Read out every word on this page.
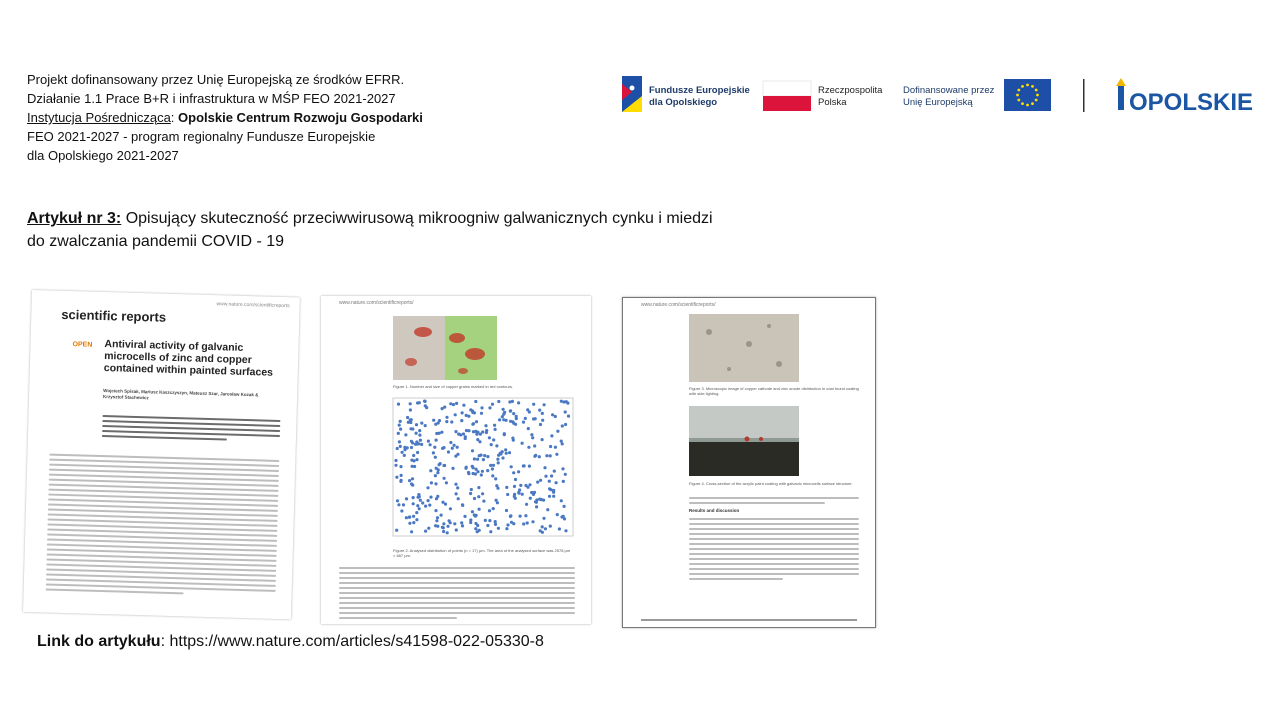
Projekt dofinansowany przez Unię Europejską ze środków EFRR.
Działanie 1.1 Prace B+R i infrastruktura w MŚP FEO 2021-2027
Instytucja Pośrednicząca: Opolskie Centrum Rozwoju Gospodarki
FEO 2021-2027 - program regionalny Fundusze Europejskie
dla Opolskiego 2021-2027
Fundusze Europejskie
dla Opolskiego
Rzeczpospolita
Polska
Dofinansowane przez
Unię Europejską	OPOLSKIE
Artykuł nr 3: Opisujący skuteczność przeciwwirusową mikroogniw galwanicznych cynku i miedzi do zwalczania pandemii COVID - 19
www.nature.com/scientificreports
scientific reports
OPEN Antiviral activity of galvanic microcells of zinc and copper contained within painted surfaces
Wojciech Spisak, Mariusz Kaszczyszyn, Mateusz Szar, Jarosław Kozak & Krzysztof Stachewicz
www.nature.com/scientificreports/
Figure 1. Number and size of copper grains marked in red contours.
Figure 2. Analysed distribution of points (n = 17) μm. The area of the analysed surface was 2578 μm × 687 μm.
www.nature.com/scientificreports/
Figure 3. Microscopic image of copper cathode and zinc anode distribution in coat found coating with side lighting.
Figure 4. Cross-section of the acrylic paint coating with galvanic microcells surface structure.
Results and discussion
Link do artykułu: https://www.nature.com/articles/s41598-022-05330-8
